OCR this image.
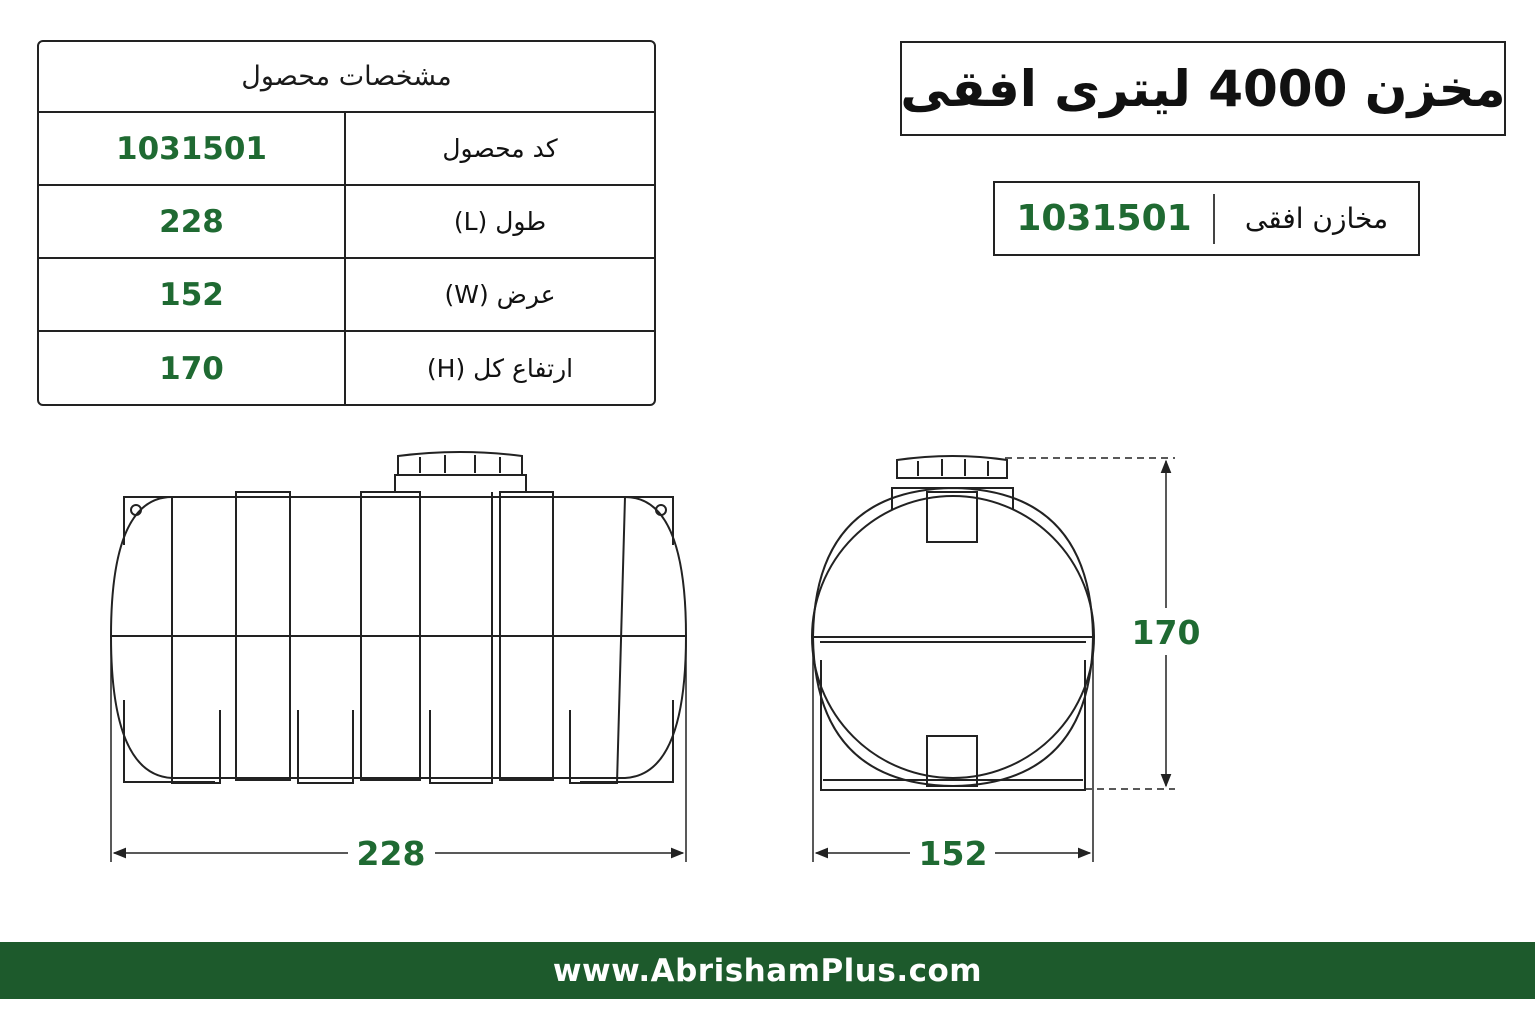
مخزن 4000 لیتری افقی
1031501	مخازن افقی
مشخصات محصول
1031501	کد محصول
228	طول (L)
152	عرض (W)
170	ارتفاع کل (H)
228	152
170
www.AbrishamPlus.com
